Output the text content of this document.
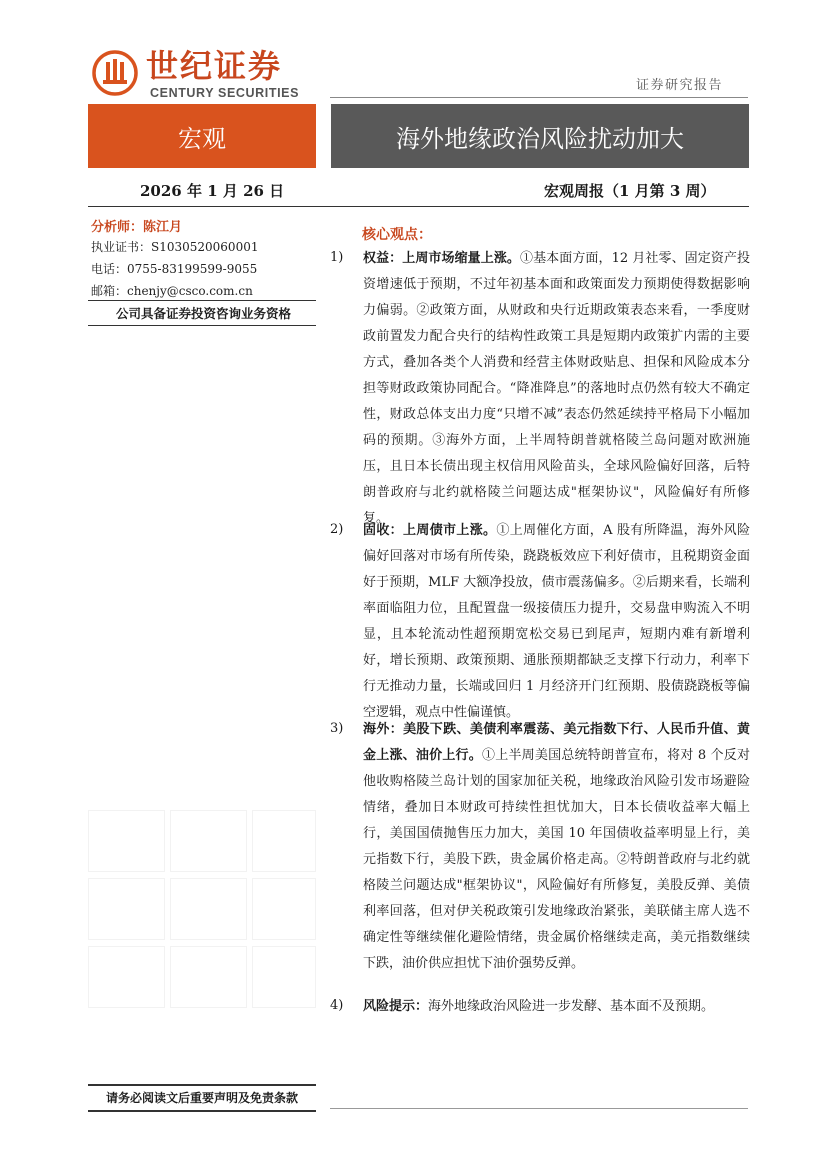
世纪证券
CENTURY SECURITIES	证券研究报告
宏观	海外地缘政治风险扰动加大
2026 年 1 月 26 日	宏观周报（1 月第 3 周）
分析师：陈江月
执业证书：S1030520060001
电话：0755-83199599-9055
邮箱：chenjy@csco.com.cn
公司具备证券投资咨询业务资格
请务必阅读文后重要声明及免责条款
核心观点：
1)	权益：上周市场缩量上涨。①基本面方面，12 月社零、固定资产投资增速低于预期，不过年初基本面和政策面发力预期使得数据影响力偏弱。②政策方面，从财政和央行近期政策表态来看，一季度财政前置发力配合央行的结构性政策工具是短期内政策扩内需的主要方式，叠加各类个人消费和经营主体财政贴息、担保和风险成本分担等财政政策协同配合。“降准降息”的落地时点仍然有较大不确定性，财政总体支出力度“只增不减”表态仍然延续持平格局下小幅加码的预期。③海外方面，上半周特朗普就格陵兰岛问题对欧洲施压，且日本长债出现主权信用风险苗头，全球风险偏好回落，后特朗普政府与北约就格陵兰问题达成"框架协议"，风险偏好有所修复。
2)	固收：上周债市上涨。①上周催化方面，A 股有所降温，海外风险偏好回落对市场有所传染，跷跷板效应下利好债市，且税期资金面好于预期，MLF 大额净投放，债市震荡偏多。②后期来看，长端利率面临阻力位，且配置盘一级接债压力提升，交易盘申购流入不明显，且本轮流动性超预期宽松交易已到尾声，短期内难有新增利好，增长预期、政策预期、通胀预期都缺乏支撑下行动力，利率下行无推动力量，长端或回归 1 月经济开门红预期、股债跷跷板等偏空逻辑，观点中性偏谨慎。
3)	海外：美股下跌、美债利率震荡、美元指数下行、人民币升值、黄金上涨、油价上行。①上半周美国总统特朗普宣布，将对 8 个反对他收购格陵兰岛计划的国家加征关税，地缘政治风险引发市场避险情绪，叠加日本财政可持续性担忧加大，日本长债收益率大幅上行，美国国债抛售压力加大，美国 10 年国债收益率明显上行，美元指数下行，美股下跌，贵金属价格走高。②特朗普政府与北约就格陵兰问题达成"框架协议"，风险偏好有所修复，美股反弹、美债利率回落，但对伊关税政策引发地缘政治紧张，美联储主席人选不确定性等继续催化避险情绪，贵金属价格继续走高，美元指数继续下跌，油价供应担忧下油价强势反弹。
4)	风险提示：海外地缘政治风险进一步发酵、基本面不及预期。
